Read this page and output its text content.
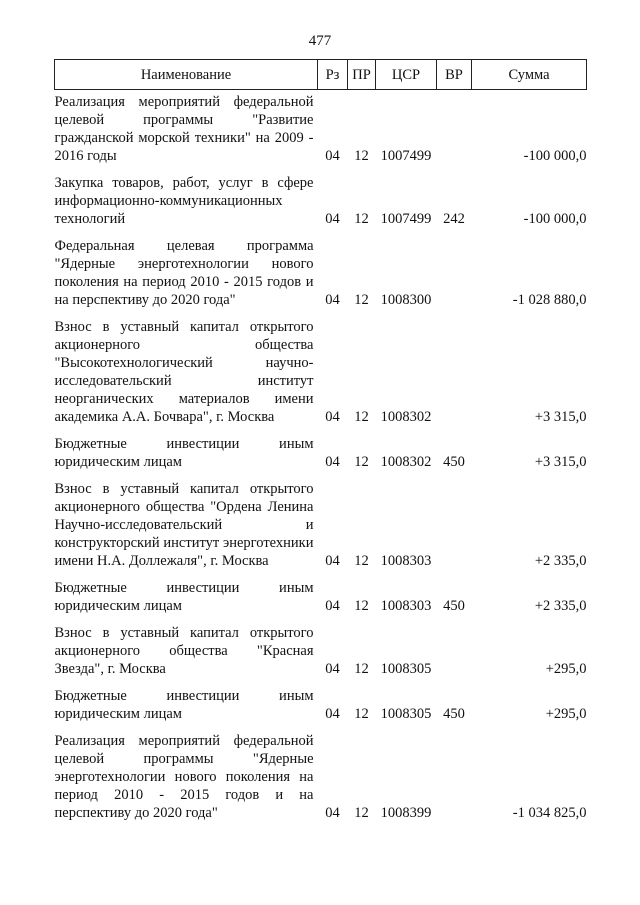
477
Наименование	Рз	ПР	ЦСР	ВР	Сумма
Реализация мероприятий федеральной целевой программы "Развитие гражданской морской техники" на 2009 - 2016 годы	04	12	1007499		-100 000,0
Закупка товаров, работ, услуг в сфере информационно-коммуникационных технологий	04	12	1007499	242	-100 000,0
Федеральная целевая программа "Ядерные энерготехнологии нового поколения на период 2010 - 2015 годов и на перспективу до 2020 года"	04	12	1008300		-1 028 880,0
Взнос в уставный капитал открытого акционерного общества "Высокотехнологический научно-исследовательский институт неорганических материалов имени академика А.А. Бочвара", г. Москва	04	12	1008302		+3 315,0
Бюджетные инвестиции иным юридическим лицам	04	12	1008302	450	+3 315,0
Взнос в уставный капитал открытого акционерного общества "Ордена Ленина Научно-исследовательский и конструкторский институт энерготехники имени Н.А. Доллежаля", г. Москва	04	12	1008303		+2 335,0
Бюджетные инвестиции иным юридическим лицам	04	12	1008303	450	+2 335,0
Взнос в уставный капитал открытого акционерного общества "Красная Звезда", г. Москва	04	12	1008305		+295,0
Бюджетные инвестиции иным юридическим лицам	04	12	1008305	450	+295,0
Реализация мероприятий федеральной целевой программы "Ядерные энерготехнологии нового поколения на период 2010 - 2015 годов и на перспективу до 2020 года"	04	12	1008399		-1 034 825,0
